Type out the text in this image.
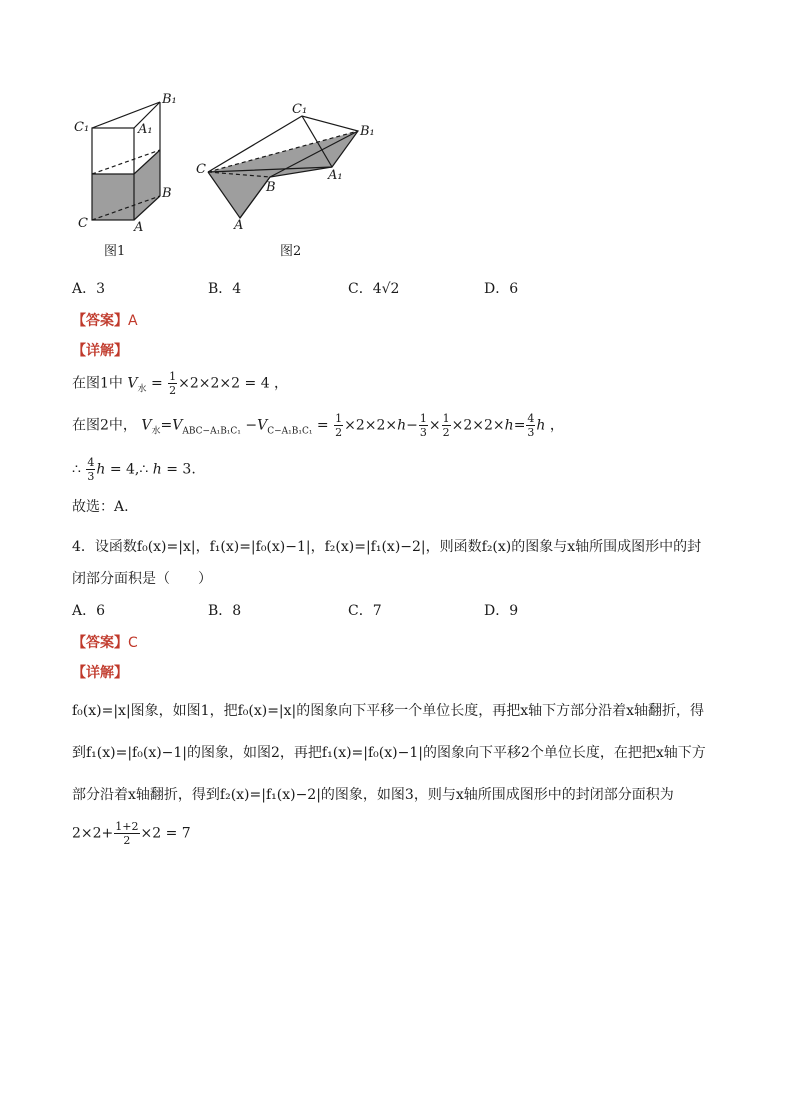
B₁
C₁	A₁
B
C	A
图1
C₁
B₁
C	A₁
B
A
图2
A．3	B．4	C．4√2	D．6
【答案】A
【详解】
在图1中 $V_水 = \frac{1}{2} \times 2\times 2\times 2 = 4$ ，
在图2中， $V_水=V_{ABC-A_1B_1C_1} -V_{C-A_1B_1C_1} = \frac{1}{2} \times 2\times 2\times h- \frac{1}{3} \times \frac{1}{2} \times 2\times 2\times h= \frac{4}{3}$ h ，
∴ $\frac{4}{3}$ h = 4,∴ h = 3.
故选：A.
4．设函数f₀(x)=|x|，f₁(x)=|f₀(x)−1|，f₂(x)=|f₁(x)−2|，则函数f₂(x)的图象与x轴所围成图形中的封
闭部分面积是（　　）
A．6	B．8	C．7	D．9
【答案】C
【详解】
f₀(x)=|x|图象，如图1，把f₀(x)=|x|的图象向下平移一个单位长度，再把x轴下方部分沿着x轴翻折，得
到f₁(x)=|f₀(x)−1|的图象，如图2，再把f₁(x)=|f₀(x)−1|的图象向下平移2个单位长度，在把把x轴下方
部分沿着x轴翻折，得到f₂(x)=|f₁(x)−2|的图象，如图3，则与x轴所围成图形中的封闭部分面积为
$2\times 2+ \frac{1+2}{2} \times 2 = 7$
